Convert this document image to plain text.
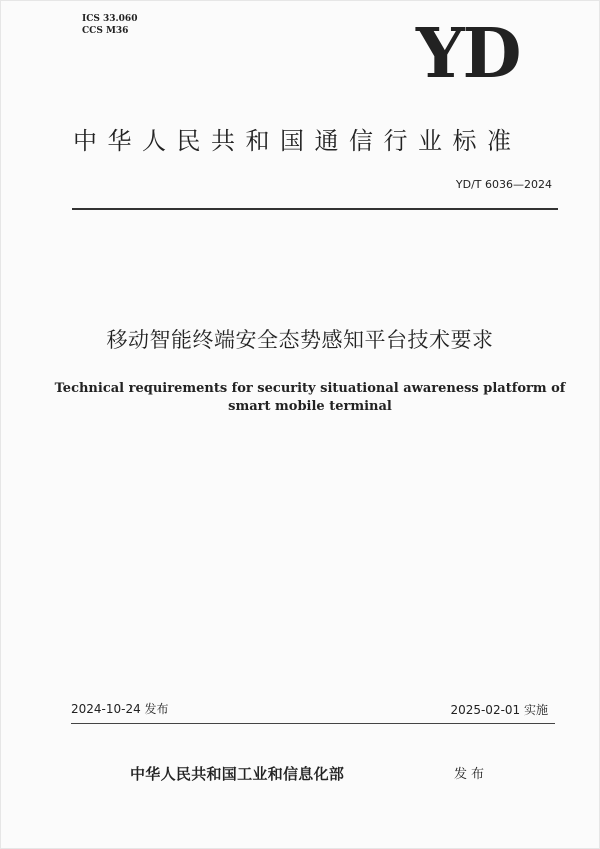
ICS 33.060
CCS M36	YD
中华人民共和国通信行业标准
YD/T 6036—2024
移动智能终端安全态势感知平台技术要求
Technical requirements for security situational awareness platform of smart mobile terminal
2024-10-24 发布	2025-02-01 实施
中华人民共和国工业和信息化部	发布
